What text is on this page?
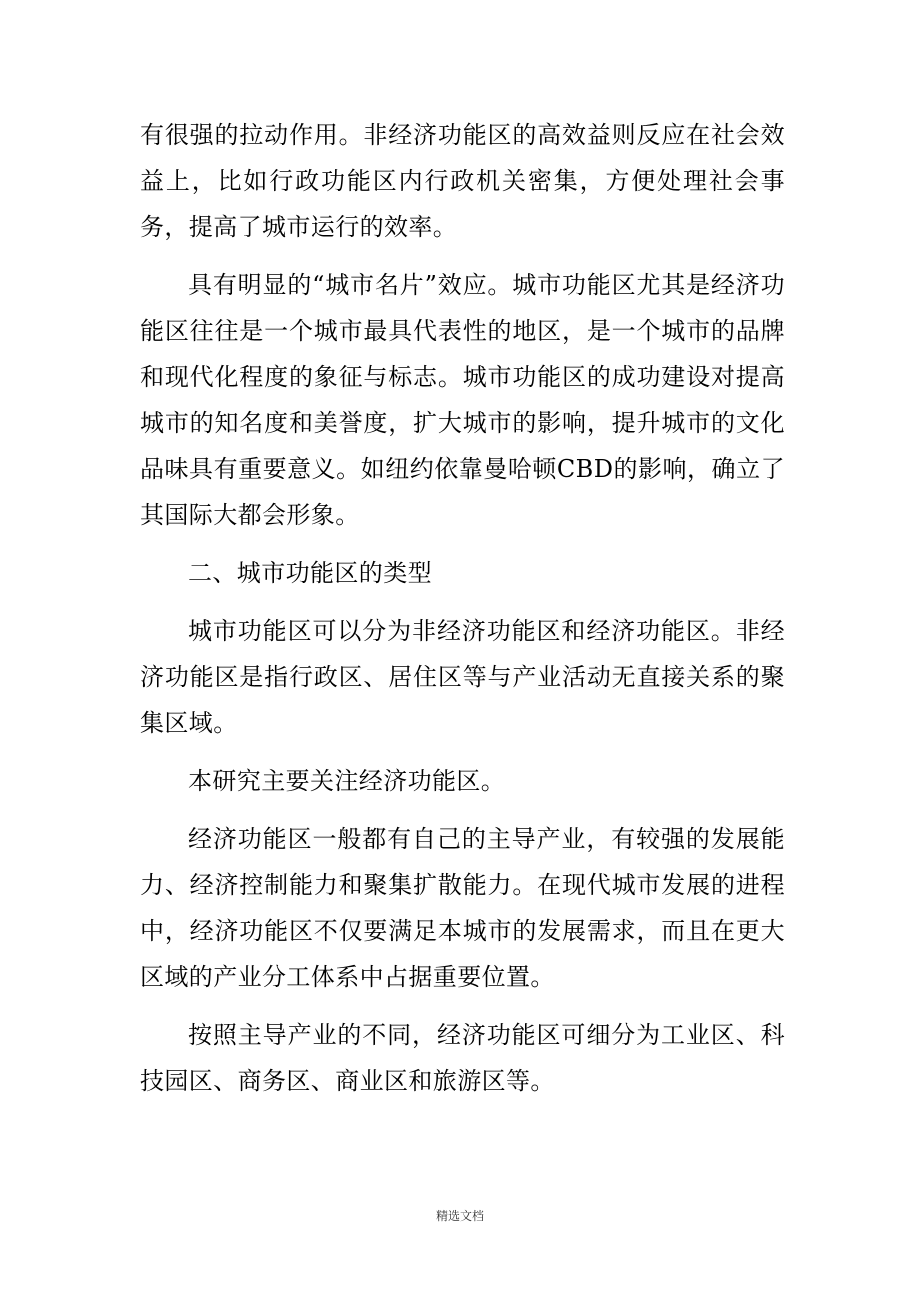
有很强的拉动作用。非经济功能区的高效益则反应在社会效益上，比如行政功能区内行政机关密集，方便处理社会事务，提高了城市运行的效率。

具有明显的“城市名片”效应。城市功能区尤其是经济功能区往往是一个城市最具代表性的地区，是一个城市的品牌和现代化程度的象征与标志。城市功能区的成功建设对提高城市的知名度和美誉度，扩大城市的影响，提升城市的文化品味具有重要意义。如纽约依靠曼哈顿CBD的影响，确立了其国际大都会形象。

二、城市功能区的类型

城市功能区可以分为非经济功能区和经济功能区。非经济功能区是指行政区、居住区等与产业活动无直接关系的聚集区域。

本研究主要关注经济功能区。

经济功能区一般都有自己的主导产业，有较强的发展能力、经济控制能力和聚集扩散能力。在现代城市发展的进程中，经济功能区不仅要满足本城市的发展需求，而且在更大区域的产业分工体系中占据重要位置。

按照主导产业的不同，经济功能区可细分为工业区、科技园区、商务区、商业区和旅游区等。

精选文档
